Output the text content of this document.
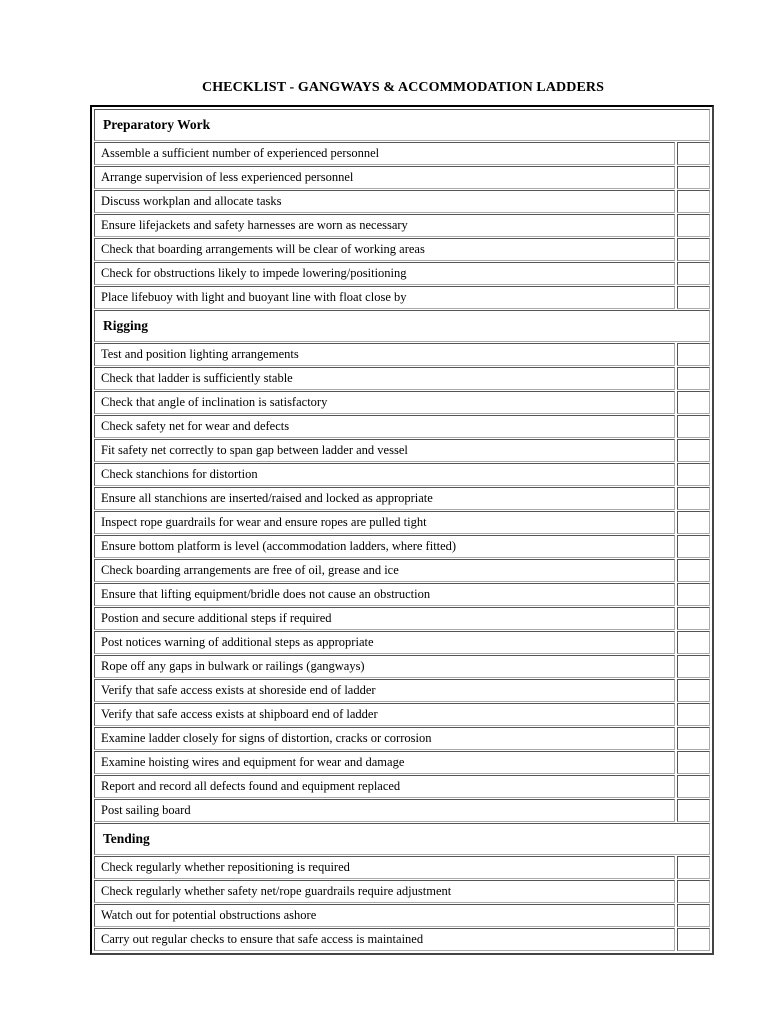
CHECKLIST - GANGWAYS & ACCOMMODATION LADDERS
Preparatory Work
Assemble a sufficient number of experienced personnel
Arrange supervision of less experienced personnel
Discuss workplan and allocate tasks
Ensure lifejackets and safety harnesses are worn as necessary
Check that boarding arrangements will be clear of working areas
Check for obstructions likely to impede lowering/positioning
Place lifebuoy with light and buoyant line with float close by
Rigging
Test and position lighting arrangements
Check that ladder is sufficiently stable
Check that angle of inclination is satisfactory
Check safety net for wear and defects
Fit safety net correctly to span gap between ladder and vessel
Check stanchions for distortion
Ensure all stanchions are inserted/raised and locked as appropriate
Inspect rope guardrails for wear and ensure ropes are pulled tight
Ensure bottom platform is level (accommodation ladders, where fitted)
Check boarding arrangements are free of oil, grease and ice
Ensure that lifting equipment/bridle does not cause an obstruction
Postion and secure additional steps if required
Post notices warning of additional steps as appropriate
Rope off any gaps in bulwark or railings (gangways)
Verify that safe access exists at shoreside end of ladder
Verify that safe access exists at shipboard end of ladder
Examine ladder closely for signs of distortion, cracks or corrosion
Examine hoisting wires and equipment for wear and damage
Report and record all defects found and equipment replaced
Post sailing board
Tending
Check regularly whether repositioning is required
Check regularly whether safety net/rope guardrails require adjustment
Watch out for potential obstructions ashore
Carry out regular checks to ensure that safe access is maintained
